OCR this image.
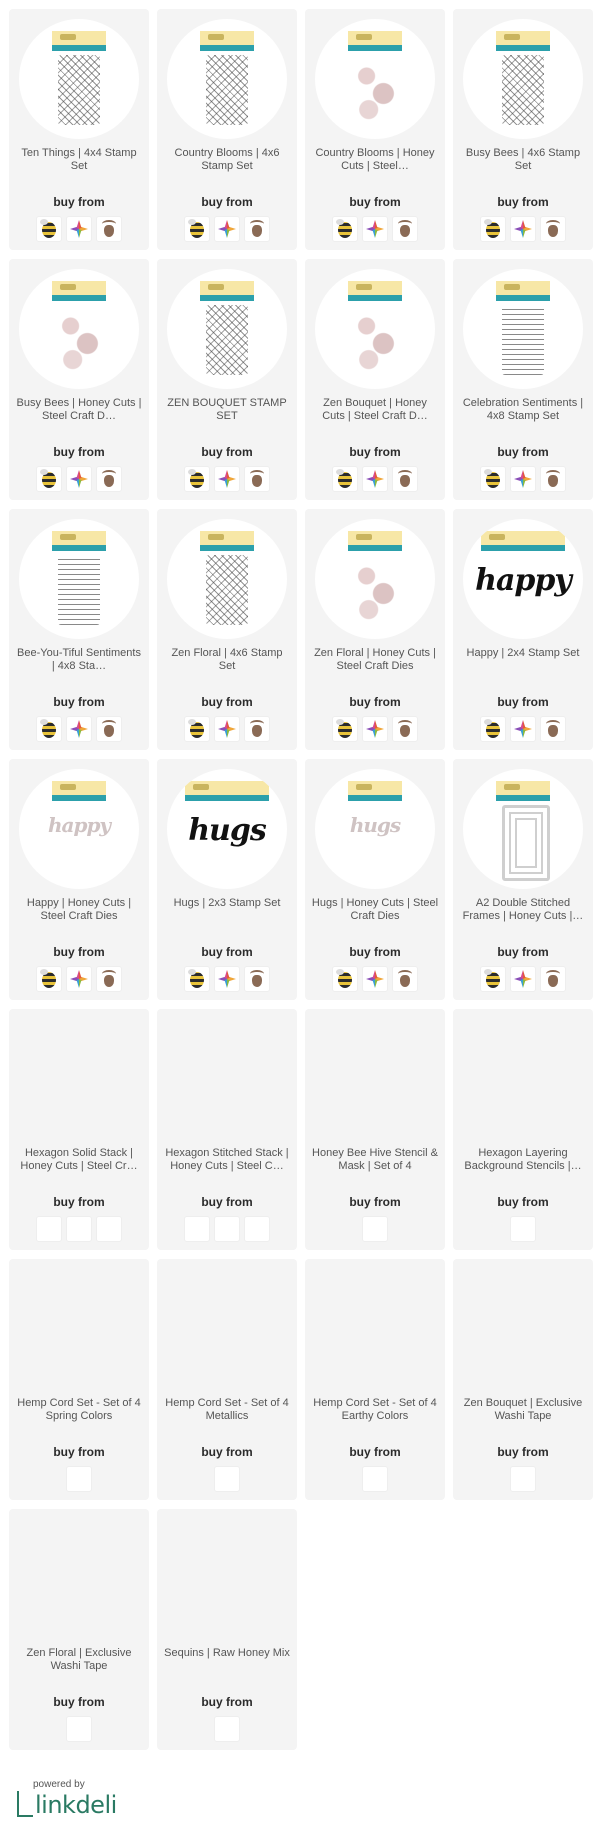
Ten Things | 4x4 Stamp Set
buy from
Country Blooms | 4x6 Stamp Set
buy from
Country Blooms | Honey Cuts | Steel…
buy from
Busy Bees | 4x6 Stamp Set
buy from
Busy Bees | Honey Cuts | Steel Craft D…
buy from
ZEN BOUQUET STAMP SET
buy from
Zen Bouquet | Honey Cuts | Steel Craft D…
buy from
Celebration Sentiments | 4x8 Stamp Set
buy from
Bee-You-Tiful Sentiments | 4x8 Sta…
buy from
Zen Floral | 4x6 Stamp Set
buy from
Zen Floral | Honey Cuts | Steel Craft Dies
buy from
happy
Happy | 2x4 Stamp Set
buy from
happy
Happy | Honey Cuts | Steel Craft Dies
buy from
hugs
Hugs | 2x3 Stamp Set
buy from
hugs
Hugs | Honey Cuts | Steel Craft Dies
buy from
A2 Double Stitched Frames | Honey Cuts |…
buy from
Hexagon Solid Stack | Honey Cuts | Steel Cr…
buy from
Hexagon Stitched Stack | Honey Cuts | Steel C…
buy from
Honey Bee Hive Stencil & Mask | Set of 4
buy from
Hexagon Layering Background Stencils |…
buy from
Hemp Cord Set - Set of 4 Spring Colors
buy from
Hemp Cord Set - Set of 4 Metallics
buy from
Hemp Cord Set - Set of 4 Earthy Colors
buy from
Zen Bouquet | Exclusive Washi Tape
buy from
Zen Floral | Exclusive Washi Tape
buy from
Sequins | Raw Honey Mix
buy from
powered by
linkdeli
